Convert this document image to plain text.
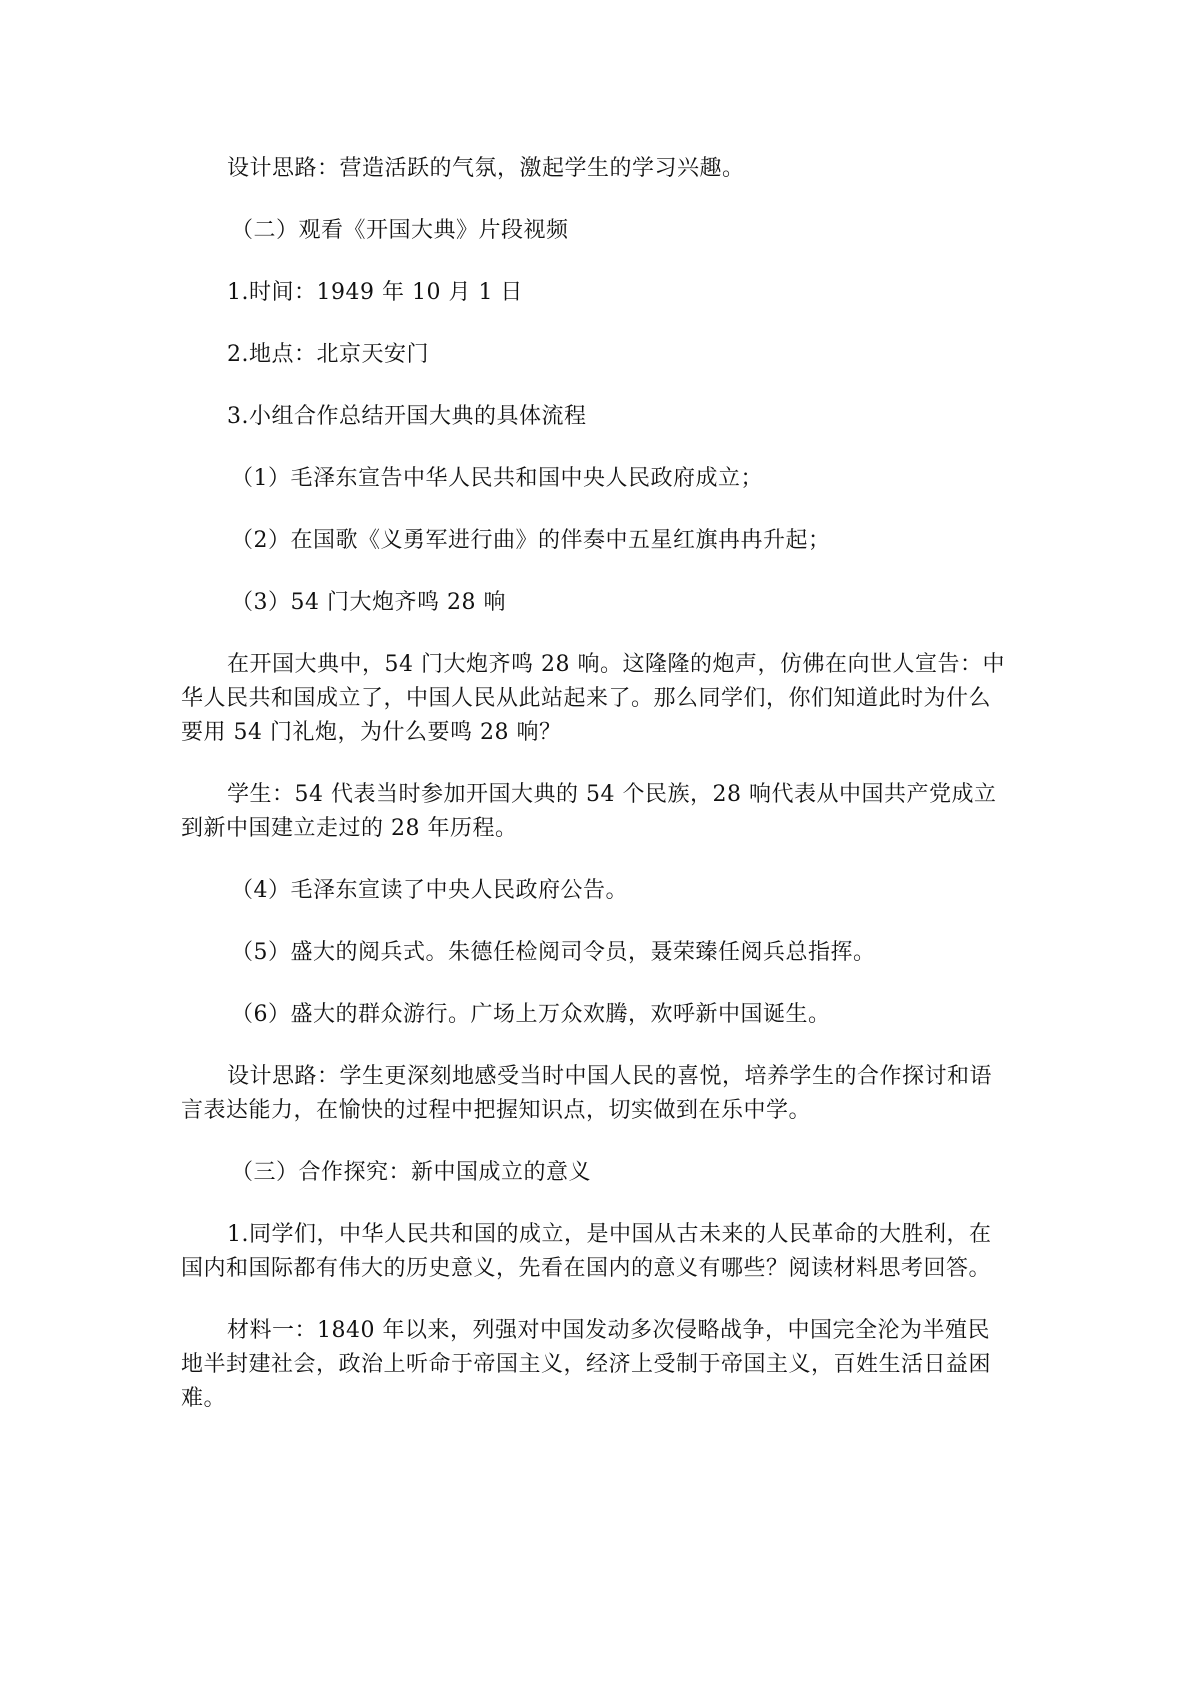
设计思路：营造活跃的气氛，激起学生的学习兴趣。

（二）观看《开国大典》片段视频

1.时间：1949 年 10 月 1 日

2.地点：北京天安门

3.小组合作总结开国大典的具体流程

（1）毛泽东宣告中华人民共和国中央人民政府成立；

（2）在国歌《义勇军进行曲》的伴奏中五星红旗冉冉升起；

（3）54 门大炮齐鸣 28 响

在开国大典中，54 门大炮齐鸣 28 响。这隆隆的炮声，仿佛在向世人宣告：中华人民共和国成立了，中国人民从此站起来了。那么同学们，你们知道此时为什么要用 54 门礼炮，为什么要鸣 28 响？

学生：54 代表当时参加开国大典的 54 个民族，28 响代表从中国共产党成立到新中国建立走过的 28 年历程。

（4）毛泽东宣读了中央人民政府公告。

（5）盛大的阅兵式。朱德任检阅司令员，聂荣臻任阅兵总指挥。

（6）盛大的群众游行。广场上万众欢腾，欢呼新中国诞生。

设计思路：学生更深刻地感受当时中国人民的喜悦，培养学生的合作探讨和语言表达能力，在愉快的过程中把握知识点，切实做到在乐中学。

（三）合作探究：新中国成立的意义

1.同学们，中华人民共和国的成立，是中国从古未来的人民革命的大胜利，在国内和国际都有伟大的历史意义，先看在国内的意义有哪些？阅读材料思考回答。

材料一：1840 年以来，列强对中国发动多次侵略战争，中国完全沦为半殖民地半封建社会，政治上听命于帝国主义，经济上受制于帝国主义，百姓生活日益困难。
